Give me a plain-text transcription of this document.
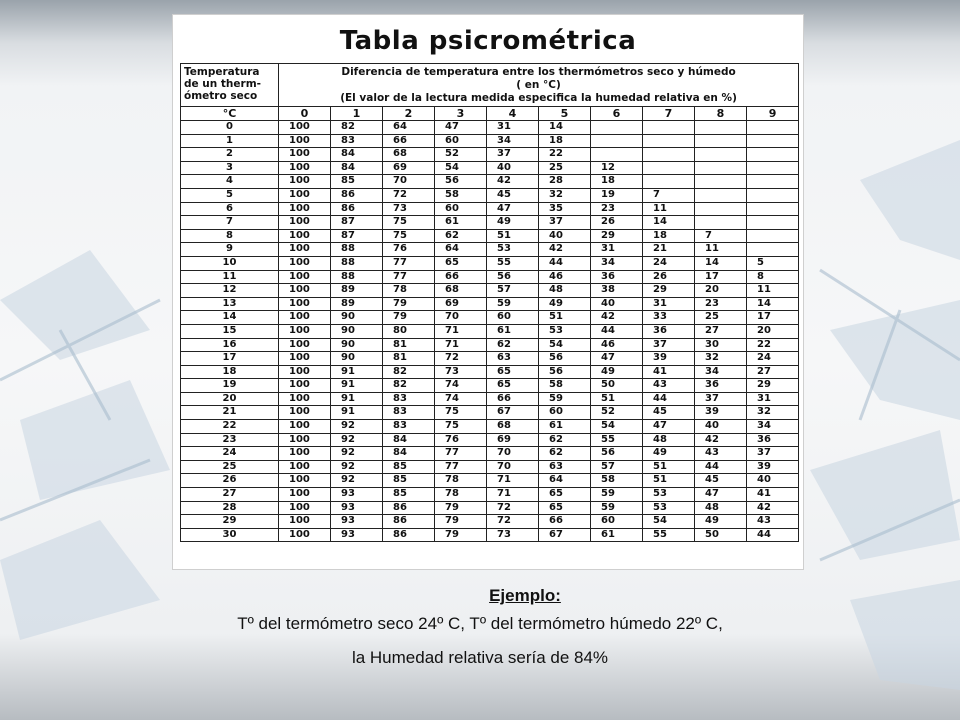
Tabla psicrométrica
Temperatura
de un therm-
ómetro seco	Diferencia de temperatura entre los thermómetros seco y húmedo
( en °C)
(El valor de la lectura medida especifica la humedad relativa en %)									

°C	0	1	2	3	4	5	6	7	8	9
0	100	82	64	47	31	14				
1	100	83	66	60	34	18				
2	100	84	68	52	37	22				
3	100	84	69	54	40	25	12			
4	100	85	70	56	42	28	18			
5	100	86	72	58	45	32	19	7		
6	100	86	73	60	47	35	23	11		
7	100	87	75	61	49	37	26	14		
8	100	87	75	62	51	40	29	18	7	
9	100	88	76	64	53	42	31	21	11	
10	100	88	77	65	55	44	34	24	14	5
11	100	88	77	66	56	46	36	26	17	8
12	100	89	78	68	57	48	38	29	20	11
13	100	89	79	69	59	49	40	31	23	14
14	100	90	79	70	60	51	42	33	25	17
15	100	90	80	71	61	53	44	36	27	20
16	100	90	81	71	62	54	46	37	30	22
17	100	90	81	72	63	56	47	39	32	24
18	100	91	82	73	65	56	49	41	34	27
19	100	91	82	74	65	58	50	43	36	29
20	100	91	83	74	66	59	51	44	37	31
21	100	91	83	75	67	60	52	45	39	32
22	100	92	83	75	68	61	54	47	40	34
23	100	92	84	76	69	62	55	48	42	36
24	100	92	84	77	70	62	56	49	43	37
25	100	92	85	77	70	63	57	51	44	39
26	100	92	85	78	71	64	58	51	45	40
27	100	93	85	78	71	65	59	53	47	41
28	100	93	86	79	72	65	59	53	48	42
29	100	93	86	79	72	66	60	54	49	43
30	100	93	86	79	73	67	61	55	50	44
Ejemplo:
Tº del termómetro seco 24º C, Tº del termómetro húmedo 22º C,
la Humedad relativa sería de 84%
